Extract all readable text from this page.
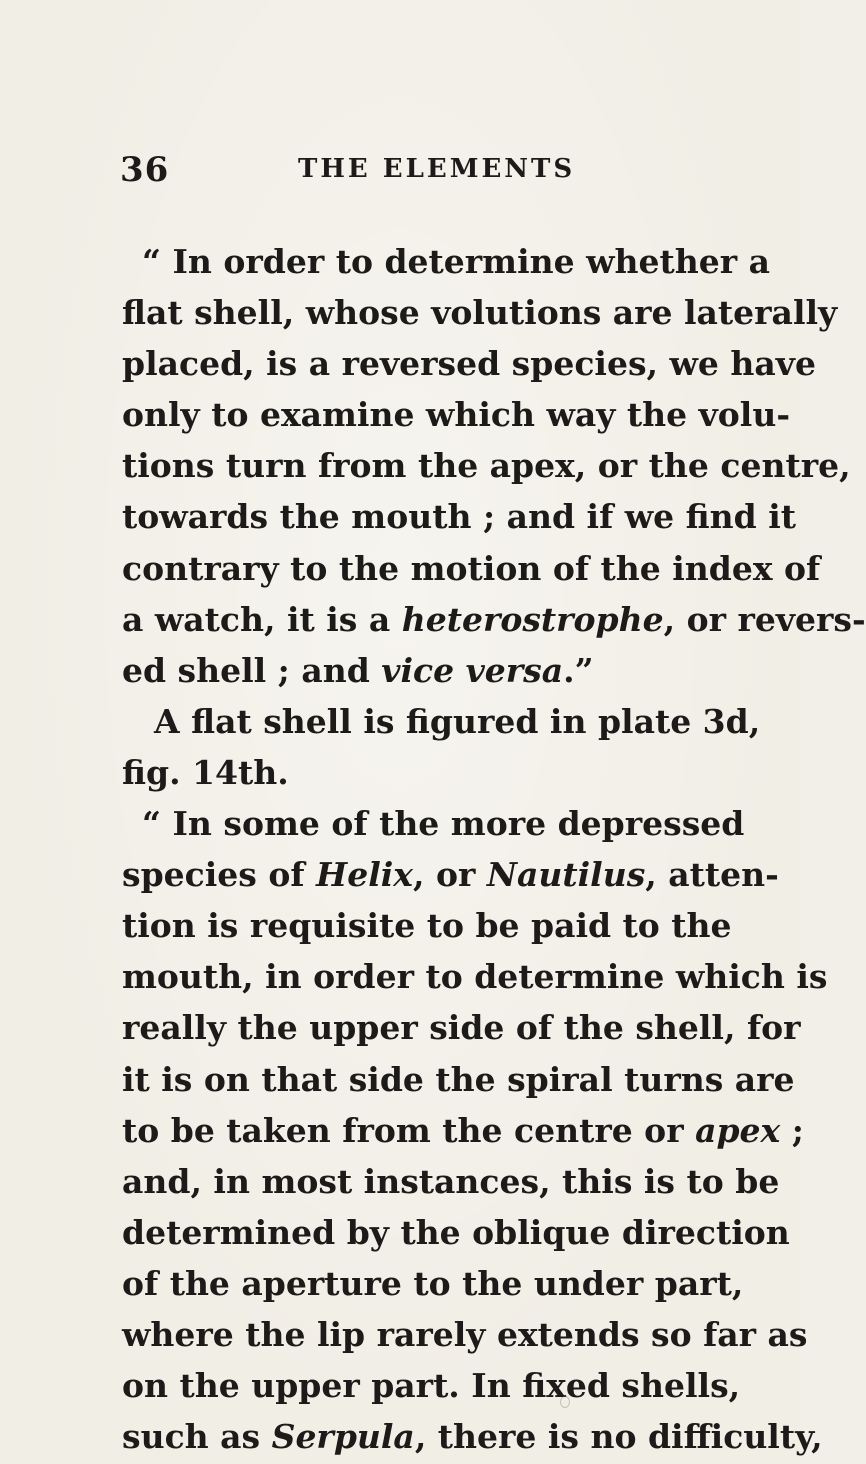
36	THE ELEMENTS
“ In order to determine whether a
flat shell, whose volutions are laterally
placed, is a reversed species, we have
only to examine which way the volu-
tions turn from the apex, or the centre,
towards the mouth ; and if we find it
contrary to the motion of the index of
a watch, it is a heterostrophe, or revers-
ed shell ; and vice versa.”
A flat shell is figured in plate 3d,
fig. 14th.
“ In some of the more depressed
species of Helix, or Nautilus, atten-
tion is requisite to be paid to the
mouth, in order to determine which is
really the upper side of the shell, for
it is on that side the spiral turns are
to be taken from the centre or apex ;
and, in most instances, this is to be
determined by the oblique direction
of the aperture to the under part,
where the lip rarely extends so far as
on the upper part. In fixed shells,
such as Serpula, there is no difficulty,
